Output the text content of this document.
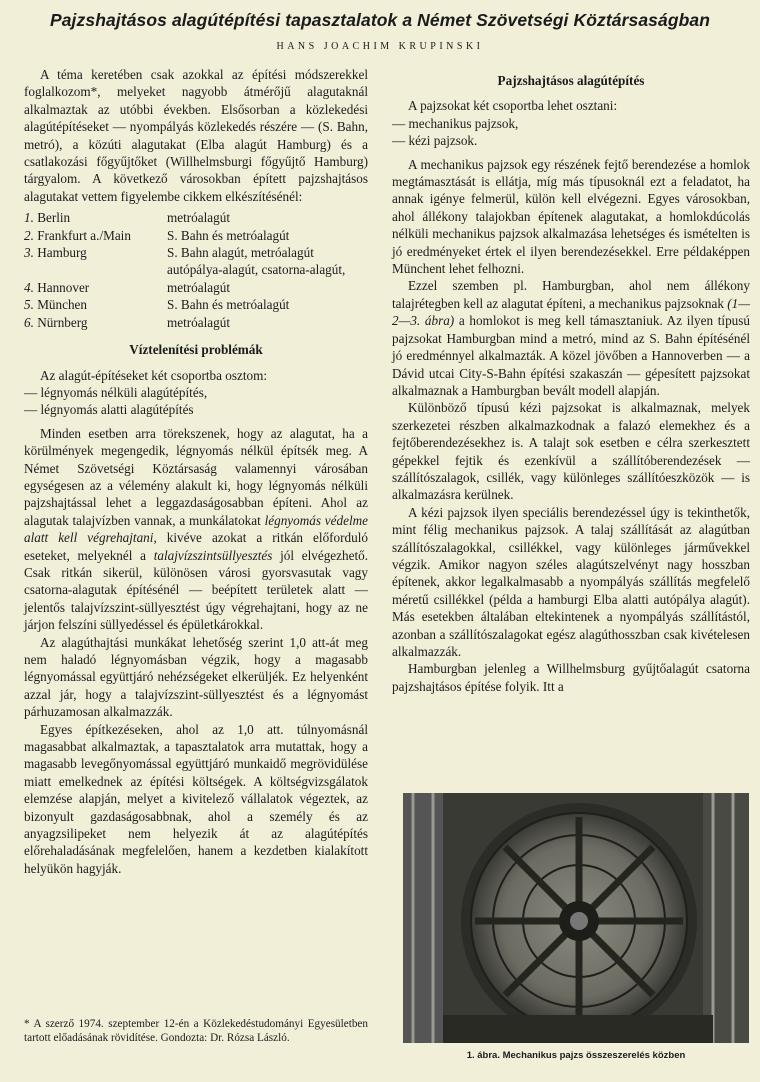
Pajzshajtásos alagútépítési tapasztalatok a Német Szövetségi Köztársaságban
HANS JOACHIM KRUPINSKI

A téma keretében csak azokkal az építési módszerekkel foglalkozom*, melyeket nagyobb átmérőjű alagutaknál alkalmaztak az utóbbi években. Elsősorban a közlekedési alagútépítéseket — nyompályás közlekedés részére — (S. Bahn, metró), a közúti alagutakat (Elba alagút Hamburg) és a csatlakozási főgyűjtőket (Willhelmsburgi főgyűjtő Hamburg) tárgyalom. A következő városokban épített pajzshajtásos alagutakat vettem figyelembe cikkem elkészítésénél:

1. Berlin	metróalagút
2. Frankfurt a./Main	S. Bahn és metróalagút
3. Hamburg	S. Bahn alagút, metróalagút autópálya-alagút, csatorna-alagút,
4. Hannover	metróalagút
5. München	S. Bahn és metróalagút
6. Nürnberg	metróalagút
Víztelenítési problémák

Az alagút-építéseket két csoportba osztom:

— légnyomás nélküli alagútépítés,
— légnyomás alatti alagútépítés

Minden esetben arra törekszenek, hogy az alagutat, ha a körülmények megengedik, légnyomás nélkül építsék meg. A Német Szövetségi Köztársaság valamennyi városában egységesen az a vélemény alakult ki, hogy légnyomás nélküli pajzshajtással lehet a leggazdaságosabban építeni. Ahol az alagutak talajvízben vannak, a munkálatokat légnyomás védelme alatt kell végrehajtani, kivéve azokat a ritkán előforduló eseteket, melyeknél a talajvízszintsüllyesztés jól elvégezhető. Csak ritkán sikerül, különösen városi gyorsvasutak vagy csatorna-alagutak építésénél — beépített területek alatt — jelentős talajvízszint-süllyesztést úgy végrehajtani, hogy az ne járjon felszíni süllyedéssel és épületkárokkal.

Az alagúthajtási munkákat lehetőség szerint 1,0 att-át meg nem haladó légnyomásban végzik, hogy a magasabb légnyomással együttjáró nehézségeket elkerüljék. Ez helyenként azzal jár, hogy a talajvízszint-süllyesztést és a légnyomást párhuzamosan alkalmazzák.

Egyes építkezéseken, ahol az 1,0 att. túlnyomásnál magasabbat alkalmaztak, a tapasztalatok arra mutattak, hogy a magasabb levegőnyomással együttjáró munkaidő megrövidülése miatt emelkednek az építési költségek. A költségvizsgálatok elemzése alapján, melyet a kivitelező vállalatok végeztek, az bizonyult gazdaságosabbnak, ahol a személy és az anyagzsilipeket nem helyezik át az alagútépítés előrehaladásának megfelelően, hanem a kezdetben kialakított helyükön hagyják.

* A szerző 1974. szeptember 12-én a Közlekedéstudományi Egyesületben tartott előadásának rövidítése. Gondozta: Dr. Rózsa László.
Pajzshajtásos alagútépítés

A pajzsokat két csoportba lehet osztani:

— mechanikus pajzsok,
— kézi pajzsok.

A mechanikus pajzsok egy részének fejtő berendezése a homlok megtámasztását is ellátja, míg más típusoknál ezt a feladatot, ha annak igénye felmerül, külön kell elvégezni. Egyes városokban, ahol állékony talajokban építenek alagutakat, a homlokdúcolás nélküli mechanikus pajzsok alkalmazása lehetséges és ismételten is jó eredményeket értek el ilyen berendezésekkel. Erre példaképpen Münchent lehet felhozni.

Ezzel szemben pl. Hamburgban, ahol nem állékony talajrétegben kell az alagutat építeni, a mechanikus pajzsoknak (1—2—3. ábra) a homlokot is meg kell támasztaniuk. Az ilyen típusú pajzsokat Hamburgban mind a metró, mind az S. Bahn építésénél jó eredménnyel alkalmazták. A közel jövőben a Hannoverben — a Dávid utcai City-S-Bahn építési szakaszán — gépesített pajzsokat alkalmaznak a Hamburgban bevált modell alapján.

Különböző típusú kézi pajzsokat is alkalmaznak, melyek szerkezetei részben alkalmazkodnak a falazó elemekhez és a fejtőberendezésekhez is. A talajt sok esetben e célra szerkesztett gépekkel fejtik és ezenkívül a szállítóberendezések — szállítószalagok, csillék, vagy különleges szállítóeszközök — is alkalmazásra kerülnek.

A kézi pajzsok ilyen speciális berendezéssel úgy is tekinthetők, mint félig mechanikus pajzsok. A talaj szállítását az alagútban szállítószalagokkal, csillékkel, vagy különleges járművekkel végzik. Amikor nagyon széles alagútszelvényt nagy hosszban építenek, akkor legalkalmasabb a nyompályás szállítás megfelelő méretű csillékkel (példa a hamburgi Elba alatti autópálya alagút). Más esetekben általában eltekintenek a nyompályás szállítástól, azonban a szállítószalagokat egész alagúthosszban csak kivételesen alkalmazzák.

Hamburgban jelenleg a Willhelmsburg gyűjtőalagút csatorna pajzshajtásos építése folyik. Itt a

1. ábra. Mechanikus pajzs összeszerelés közben
